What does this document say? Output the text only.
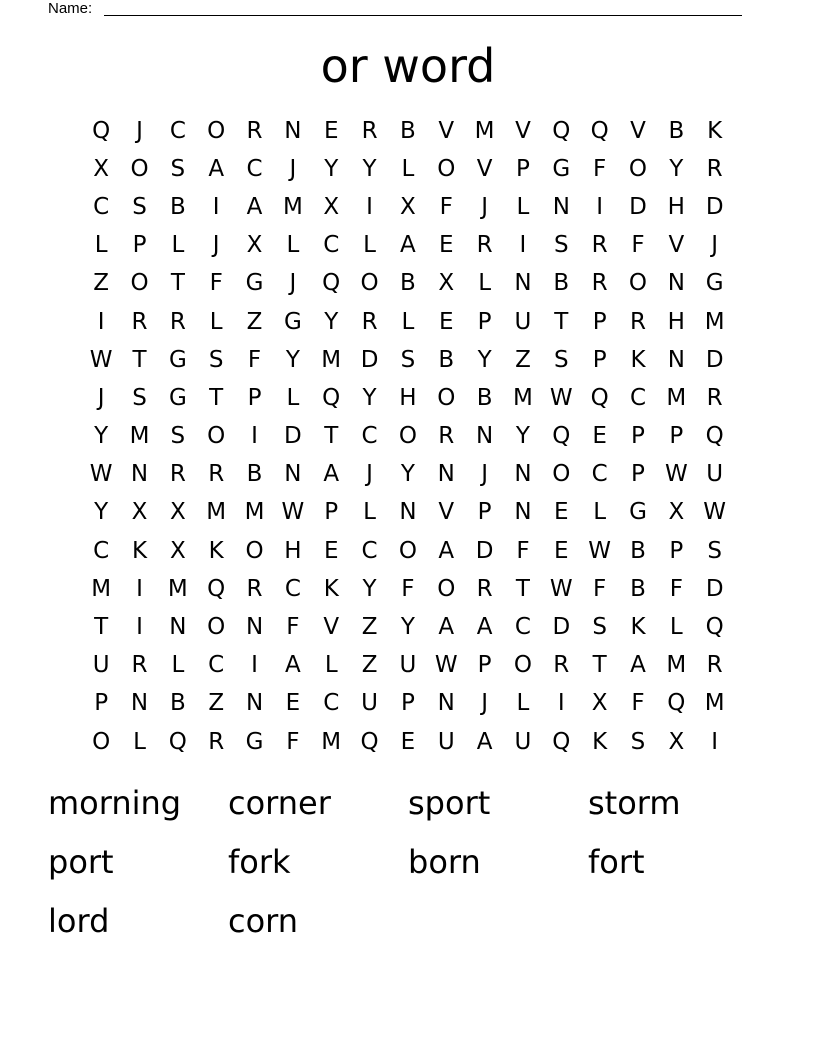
Name:
or word
Q	J	C O R N E	R B V M V Q Q V B K
X O S	A C	J	Y	Y	L O V	P G F O Y	R
C	S	B	I	A M X	I	X	F	J	L	N	I	D H D
L	P	L	J	X	L	C	L	A	E	R	I	S	R	F	V	J
Z O T	F G	J	Q O B X	L	N B R O N G
I	R R	L	Z G Y	R	L	E	P U T	P	R H M
W T G S	F	Y M D S	B	Y	Z	S	P	K N D
J	S G T	P	L Q Y H O B M W Q C M R
Y M S O	I	D T	C O R N Y Q E	P	P Q
W N R R B N A	J	Y N	J	N O C	P W U
Y	X X M M W P	L	N V	P N E	L	G X W
C K X K O H E	C O A D F	E W B	P	S
M	I	M Q R C K	Y	F O R	T W F	B	F D
T	I	N O N	F	V Z	Y	A A C D S	K	L Q
U R	L	C	I	A	L	Z U W P O R	T	A M R
P N B Z N E	C U P N	J	L	I	X	F Q M
O L Q R G F M Q E U A U Q K	S	X	I
morning	corner	sport	storm
port	fork	born	fort
lord	corn
